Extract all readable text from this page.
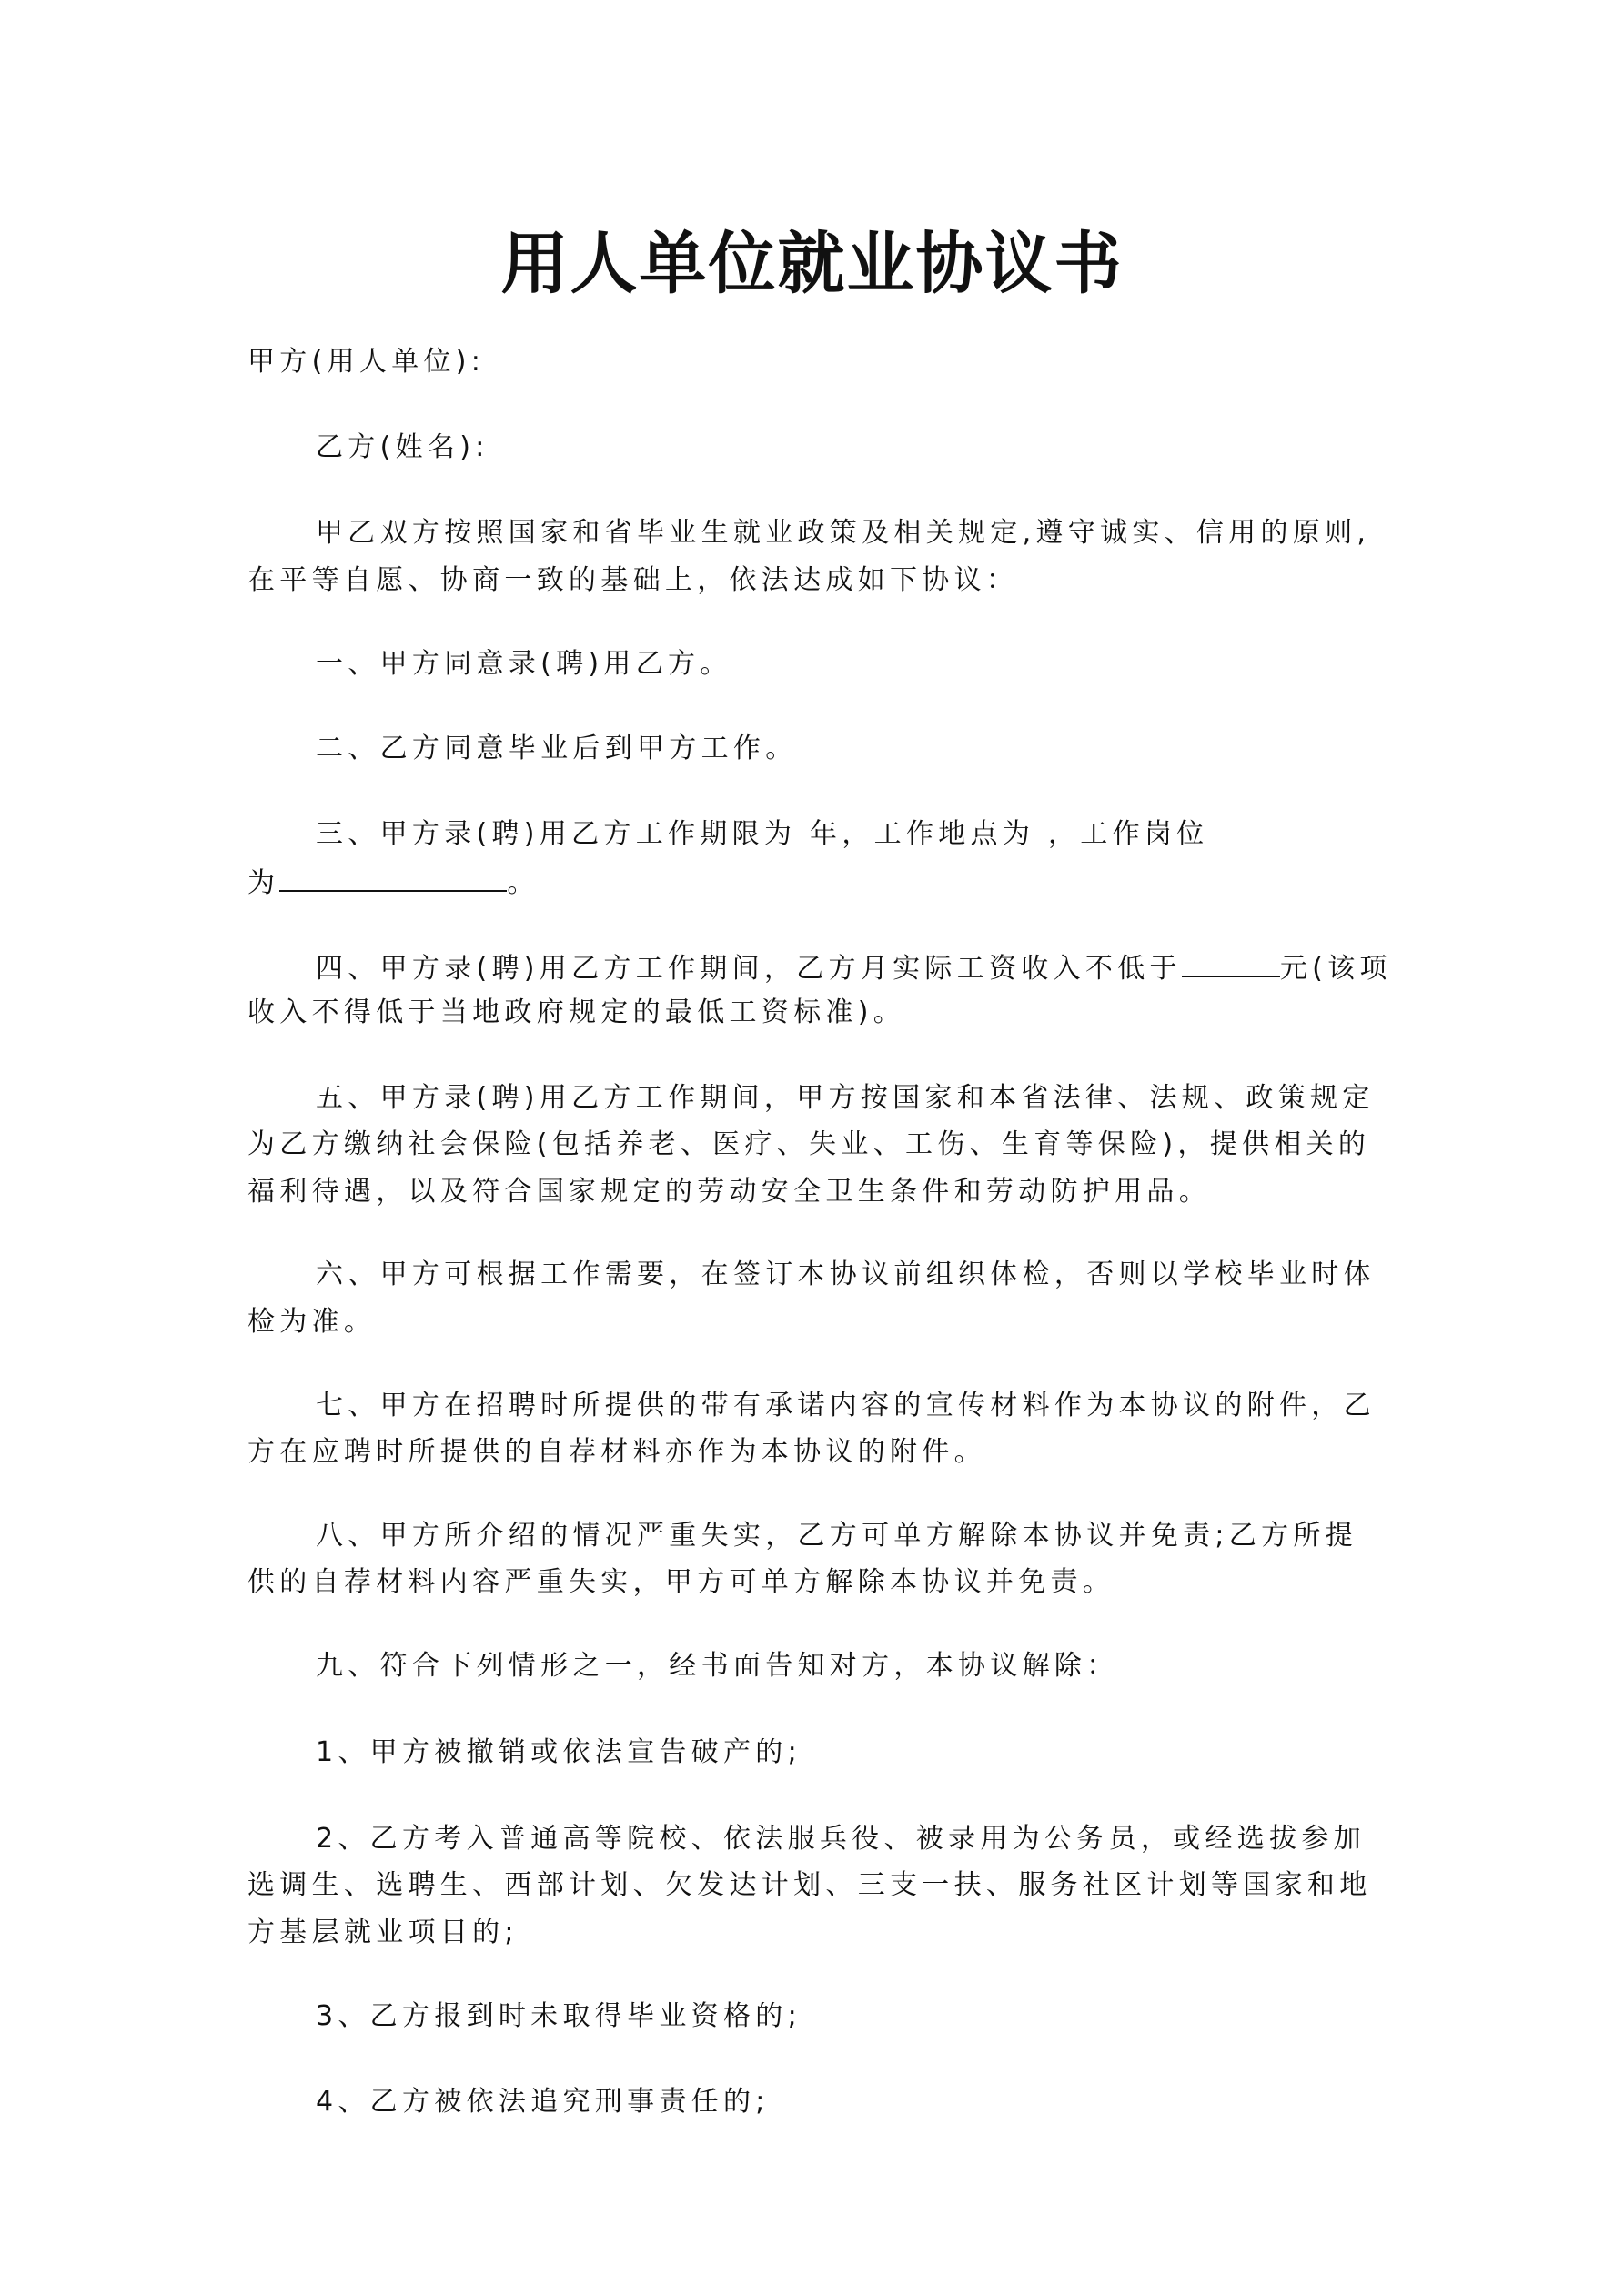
用人单位就业协议书
甲方(用人单位):
乙方(姓名):
甲乙双方按照国家和省毕业生就业政策及相关规定,遵守诚实、信用的原则,
在平等自愿、协商一致的基础上，依法达成如下协议：
一、甲方同意录(聘)用乙方。
二、乙方同意毕业后到甲方工作。
三、甲方录(聘)用乙方工作期限为 年，工作地点为 ，工作岗位
为	。
四、甲方录(聘)用乙方工作期间，乙方月实际工资收入不低于	元(该项
收入不得低于当地政府规定的最低工资标准)。
五、甲方录(聘)用乙方工作期间，甲方按国家和本省法律、法规、政策规定
为乙方缴纳社会保险(包括养老、医疗、失业、工伤、生育等保险)，提供相关的
福利待遇，以及符合国家规定的劳动安全卫生条件和劳动防护用品。
六、甲方可根据工作需要，在签订本协议前组织体检，否则以学校毕业时体
检为准。
七、甲方在招聘时所提供的带有承诺内容的宣传材料作为本协议的附件，乙
方在应聘时所提供的自荐材料亦作为本协议的附件。
八、甲方所介绍的情况严重失实，乙方可单方解除本协议并免责;乙方所提
供的自荐材料内容严重失实，甲方可单方解除本协议并免责。
九、符合下列情形之一，经书面告知对方，本协议解除：
1、甲方被撤销或依法宣告破产的;
2、乙方考入普通高等院校、依法服兵役、被录用为公务员，或经选拔参加
选调生、选聘生、西部计划、欠发达计划、三支一扶、服务社区计划等国家和地
方基层就业项目的;
3、乙方报到时未取得毕业资格的;
4、乙方被依法追究刑事责任的;
